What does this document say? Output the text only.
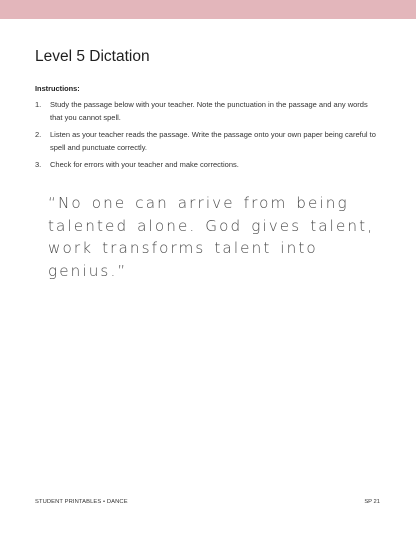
Level 5 Dictation
Instructions:
1.	Study the passage below with your teacher. Note the punctuation in the passage and any words that you cannot spell.
2.	Listen as your teacher reads the passage. Write the passage onto your own paper being careful to spell and punctuate correctly.
3.	Check for errors with your teacher and make corrections.

“No one can arrive from being talented alone. God gives talent, work transforms talent into genius.”

STUDENT PRINTABLES • DANCE	SP 21
